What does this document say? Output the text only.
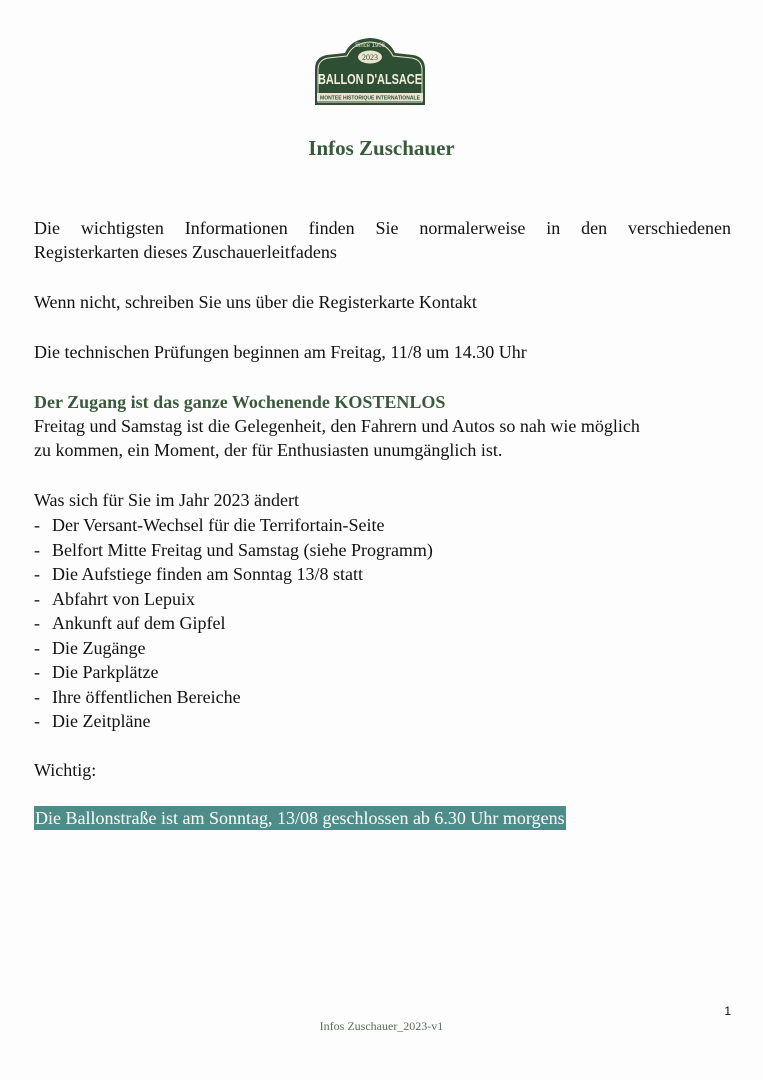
Since 1906
2023
BALLON D'ALSACE
MONTEE HISTORIQUE INTERNATIONALE
Infos Zuschauer

Die wichtigsten Informationen finden Sie normalerweise in den verschiedenen

Registerkarten dieses Zuschauerleitfadens

Wenn nicht, schreiben Sie uns über die Registerkarte Kontakt

Die technischen Prüfungen beginnen am Freitag, 11/8 um 14.30 Uhr

Der Zugang ist das ganze Wochenende KOSTENLOS

Freitag und Samstag ist die Gelegenheit, den Fahrern und Autos so nah wie möglich

zu kommen, ein Moment, der für Enthusiasten unumgänglich ist.

Was sich für Sie im Jahr 2023 ändert

- Der Versant-Wechsel für die Terrifortain-Seite
- Belfort Mitte Freitag und Samstag (siehe Programm)
- Die Aufstiege finden am Sonntag 13/8 statt
- Abfahrt von Lepuix
- Ankunft auf dem Gipfel
- Die Zugänge
- Die Parkplätze
- Ihre öffentlichen Bereiche
- Die Zeitpläne

Wichtig:

Die Ballonstraße ist am Sonntag, 13/08 geschlossen ab 6.30 Uhr morgens
1
Infos Zuschauer_2023-v1
